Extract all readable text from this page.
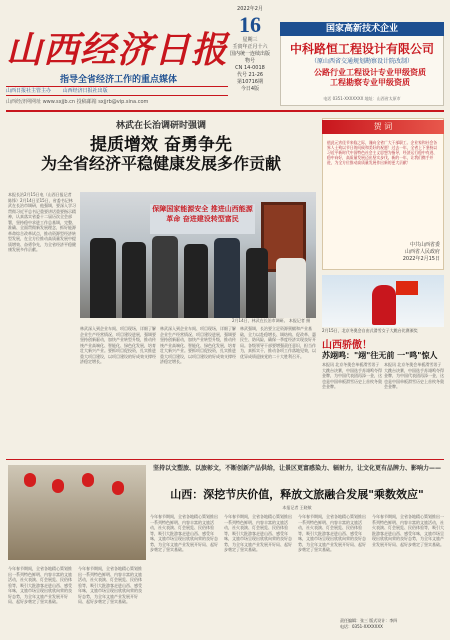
山西经济日报
指导全省经济工作的重点媒体
山西日报社主管主办 山西经济日报社出版
山西经济网网址 www.sxjjb.cn 投稿邮箱 sxjjrb@vip.sina.com
2022年2月
16
星期三
壬寅年正月十六
国内统一连续出版物号
CN 14-0018
代号 21-26
第10716期
今日4版
国家高新技术企业
中科路恒工程设计有限公司
（原山西省交通规划勘察设计院改制）
公路行业工程设计专业甲级资质
工程勘察专业甲级资质
电话 0351-XXXXXXX 地址：山西省太原市
林武在长治调研时强调
提质增效 奋勇争先
为全省经济平稳健康发展多作贡献
本报长治2月15日电（山西日报记者 陈锋）2月14日至15日，省委书记林武在长治市调研，他强调，要深入学习贯彻习近平总书记重要讲话重要指示精神，认真落实省委十二届历次全会部署，坚持稳中求进工作总基调，完整、准确、全面贯彻新发展理念，抓好能源革命综合改革试点，推动资源型经济转型发展，在全方位推动高质量发展中提质增效、奋勇争先，为全省经济平稳健康发展多作贡献。
保障国家能源安全 推进山西能源革命 奋进建设转型富民
2月14日，林武在长治市调研。 本报记者 摄
林武深入到企业车间、项目现场，详细了解企业生产经营情况、项目建设进展，强调要坚持创新驱动，加快产业转型升级，推动传统产业高端化、智能化、绿色化发展，培育壮大新兴产业。要抓项目促投资，扎实推进重大项目建设，以项目建设的好成效支撑经济稳定增长。
林武深入到企业车间、项目现场，详细了解企业生产经营情况、项目建设进展，强调要坚持创新驱动，加快产业转型升级，推动传统产业高端化、智能化、绿色化发展，培育壮大新兴产业。要抓项目促投资，扎实推进重大项目建设，以项目建设的好成效支撑经济稳定增长。
林武强调，长治要立足资源禀赋和产业基础，全力以赴稳增长、调结构、促改革、惠民生、防风险，确保一季度经济实现良好开局。各级领导干部要增强责任意识，担当作为，真抓实干，推动各项工作落地见效，以优异成绩迎接党的二十大胜利召开。
贺 词
值此元宵佳节来临之际，谨向全省广大干部职工、企业家和社会各界人士致以节日的问候和美好的祝愿！过去一年，全省上下坚持以习近平新时代中国特色社会主义思想为指导，经济运行稳中有进、稳中向好，高质量发展迈出坚实步伐。新的一年，让我们携手并进，为全方位推动高质量发展作出新的更大贡献！
中共山西省委
山西省人民政府
2022年2月15日
2月15日，北京冬奥会自由式滑雪女子大跳台比赛颁奖
山西骄傲！
苏翊鸣："翊"往无前 一"鸣"惊人
本报讯 北京冬奥会单板滑雪男子大跳台决赛，中国选手苏翊鸣夺得金牌，为中国代表团再添一金，这也是中国单板滑雪历史上首枚冬奥会金牌。
本报讯 北京冬奥会单板滑雪男子大跳台决赛，中国选手苏翊鸣夺得金牌，为中国代表团再添一金，这也是中国单板滑雪历史上首枚冬奥会金牌。
坚持以文塑旅、以旅彰文，不断创新产品供给，让景区更富感染力、辐射力，让文化更有品牌力、影响力——
山西：深挖节庆价值，释放文旅融合发展"乘数效应"
本报记者 王晓敏
今年春节期间，全省各地精心策划推出一系列特色鲜明、内容丰富的文旅活动，社火表演、灯会展览、民俗体验等，吸引大批游客走进山西、感受年味，文旅市场呈现出欣欣向荣的良好态势，为全年文旅产业发展开好局、起好步奠定了坚实基础。
今年春节期间，全省各地精心策划推出一系列特色鲜明、内容丰富的文旅活动，社火表演、灯会展览、民俗体验等，吸引大批游客走进山西、感受年味，文旅市场呈现出欣欣向荣的良好态势，为全年文旅产业发展开好局、起好步奠定了坚实基础。
今年春节期间，全省各地精心策划推出一系列特色鲜明、内容丰富的文旅活动，社火表演、灯会展览、民俗体验等，吸引大批游客走进山西、感受年味，文旅市场呈现出欣欣向荣的良好态势，为全年文旅产业发展开好局、起好步奠定了坚实基础。
今年春节期间，全省各地精心策划推出一系列特色鲜明、内容丰富的文旅活动，社火表演、灯会展览、民俗体验等，吸引大批游客走进山西、感受年味，文旅市场呈现出欣欣向荣的良好态势，为全年文旅产业发展开好局、起好步奠定了坚实基础。
今年春节期间，全省各地精心策划推出一系列特色鲜明、内容丰富的文旅活动，社火表演、灯会展览、民俗体验等，吸引大批游客走进山西、感受年味，文旅市场呈现出欣欣向荣的良好态势，为全年文旅产业发展开好局、起好步奠定了坚实基础。
今年春节期间，全省各地精心策划推出一系列特色鲜明、内容丰富的文旅活动，社火表演、灯会展览、民俗体验等，吸引大批游客走进山西、感受年味，文旅市场呈现出欣欣向荣的良好态势，为全年文旅产业发展开好局、起好步奠定了坚实基础。
责任编辑：张三 版式设计：李四
电话：0351-XXXXXXX
